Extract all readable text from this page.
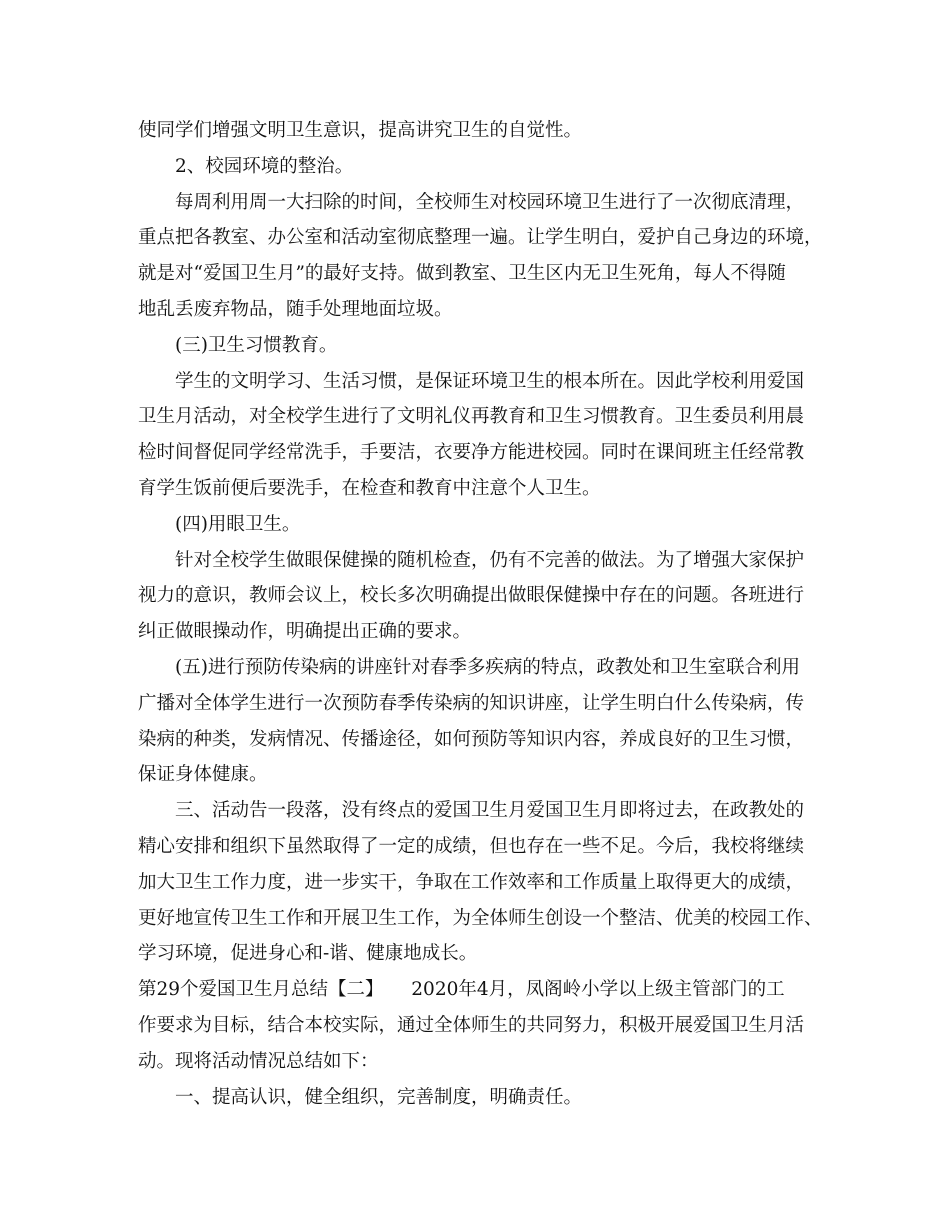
使同学们增强文明卫生意识，提高讲究卫生的自觉性。
2、校园环境的整治。
每周利用周一大扫除的时间，全校师生对校园环境卫生进行了一次彻底清理，
重点把各教室、办公室和活动室彻底整理一遍。让学生明白，爱护自己身边的环境，
就是对“爱国卫生月”的最好支持。做到教室、卫生区内无卫生死角，每人不得随
地乱丢废弃物品，随手处理地面垃圾。
(三)卫生习惯教育。
学生的文明学习、生活习惯，是保证环境卫生的根本所在。因此学校利用爱国
卫生月活动，对全校学生进行了文明礼仪再教育和卫生习惯教育。卫生委员利用晨
检时间督促同学经常洗手，手要洁，衣要净方能进校园。同时在课间班主任经常教
育学生饭前便后要洗手，在检查和教育中注意个人卫生。
(四)用眼卫生。
针对全校学生做眼保健操的随机检查，仍有不完善的做法。为了增强大家保护
视力的意识，教师会议上，校长多次明确提出做眼保健操中存在的问题。各班进行
纠正做眼操动作，明确提出正确的要求。
(五)进行预防传染病的讲座针对春季多疾病的特点，政教处和卫生室联合利用
广播对全体学生进行一次预防春季传染病的知识讲座，让学生明白什么传染病，传
染病的种类，发病情况、传播途径，如何预防等知识内容，养成良好的卫生习惯，
保证身体健康。
三、活动告一段落，没有终点的爱国卫生月爱国卫生月即将过去，在政教处的
精心安排和组织下虽然取得了一定的成绩，但也存在一些不足。今后，我校将继续
加大卫生工作力度，进一步实干，争取在工作效率和工作质量上取得更大的成绩，
更好地宣传卫生工作和开展卫生工作，为全体师生创设一个整洁、优美的校园工作、
学习环境，促进身心和-谐、健康地成长。
第29个爱国卫生月总结【二】　　2020年4月，凤阁岭小学以上级主管部门的工
作要求为目标，结合本校实际，通过全体师生的共同努力，积极开展爱国卫生月活
动。现将活动情况总结如下：
一、提高认识，健全组织，完善制度，明确责任。
